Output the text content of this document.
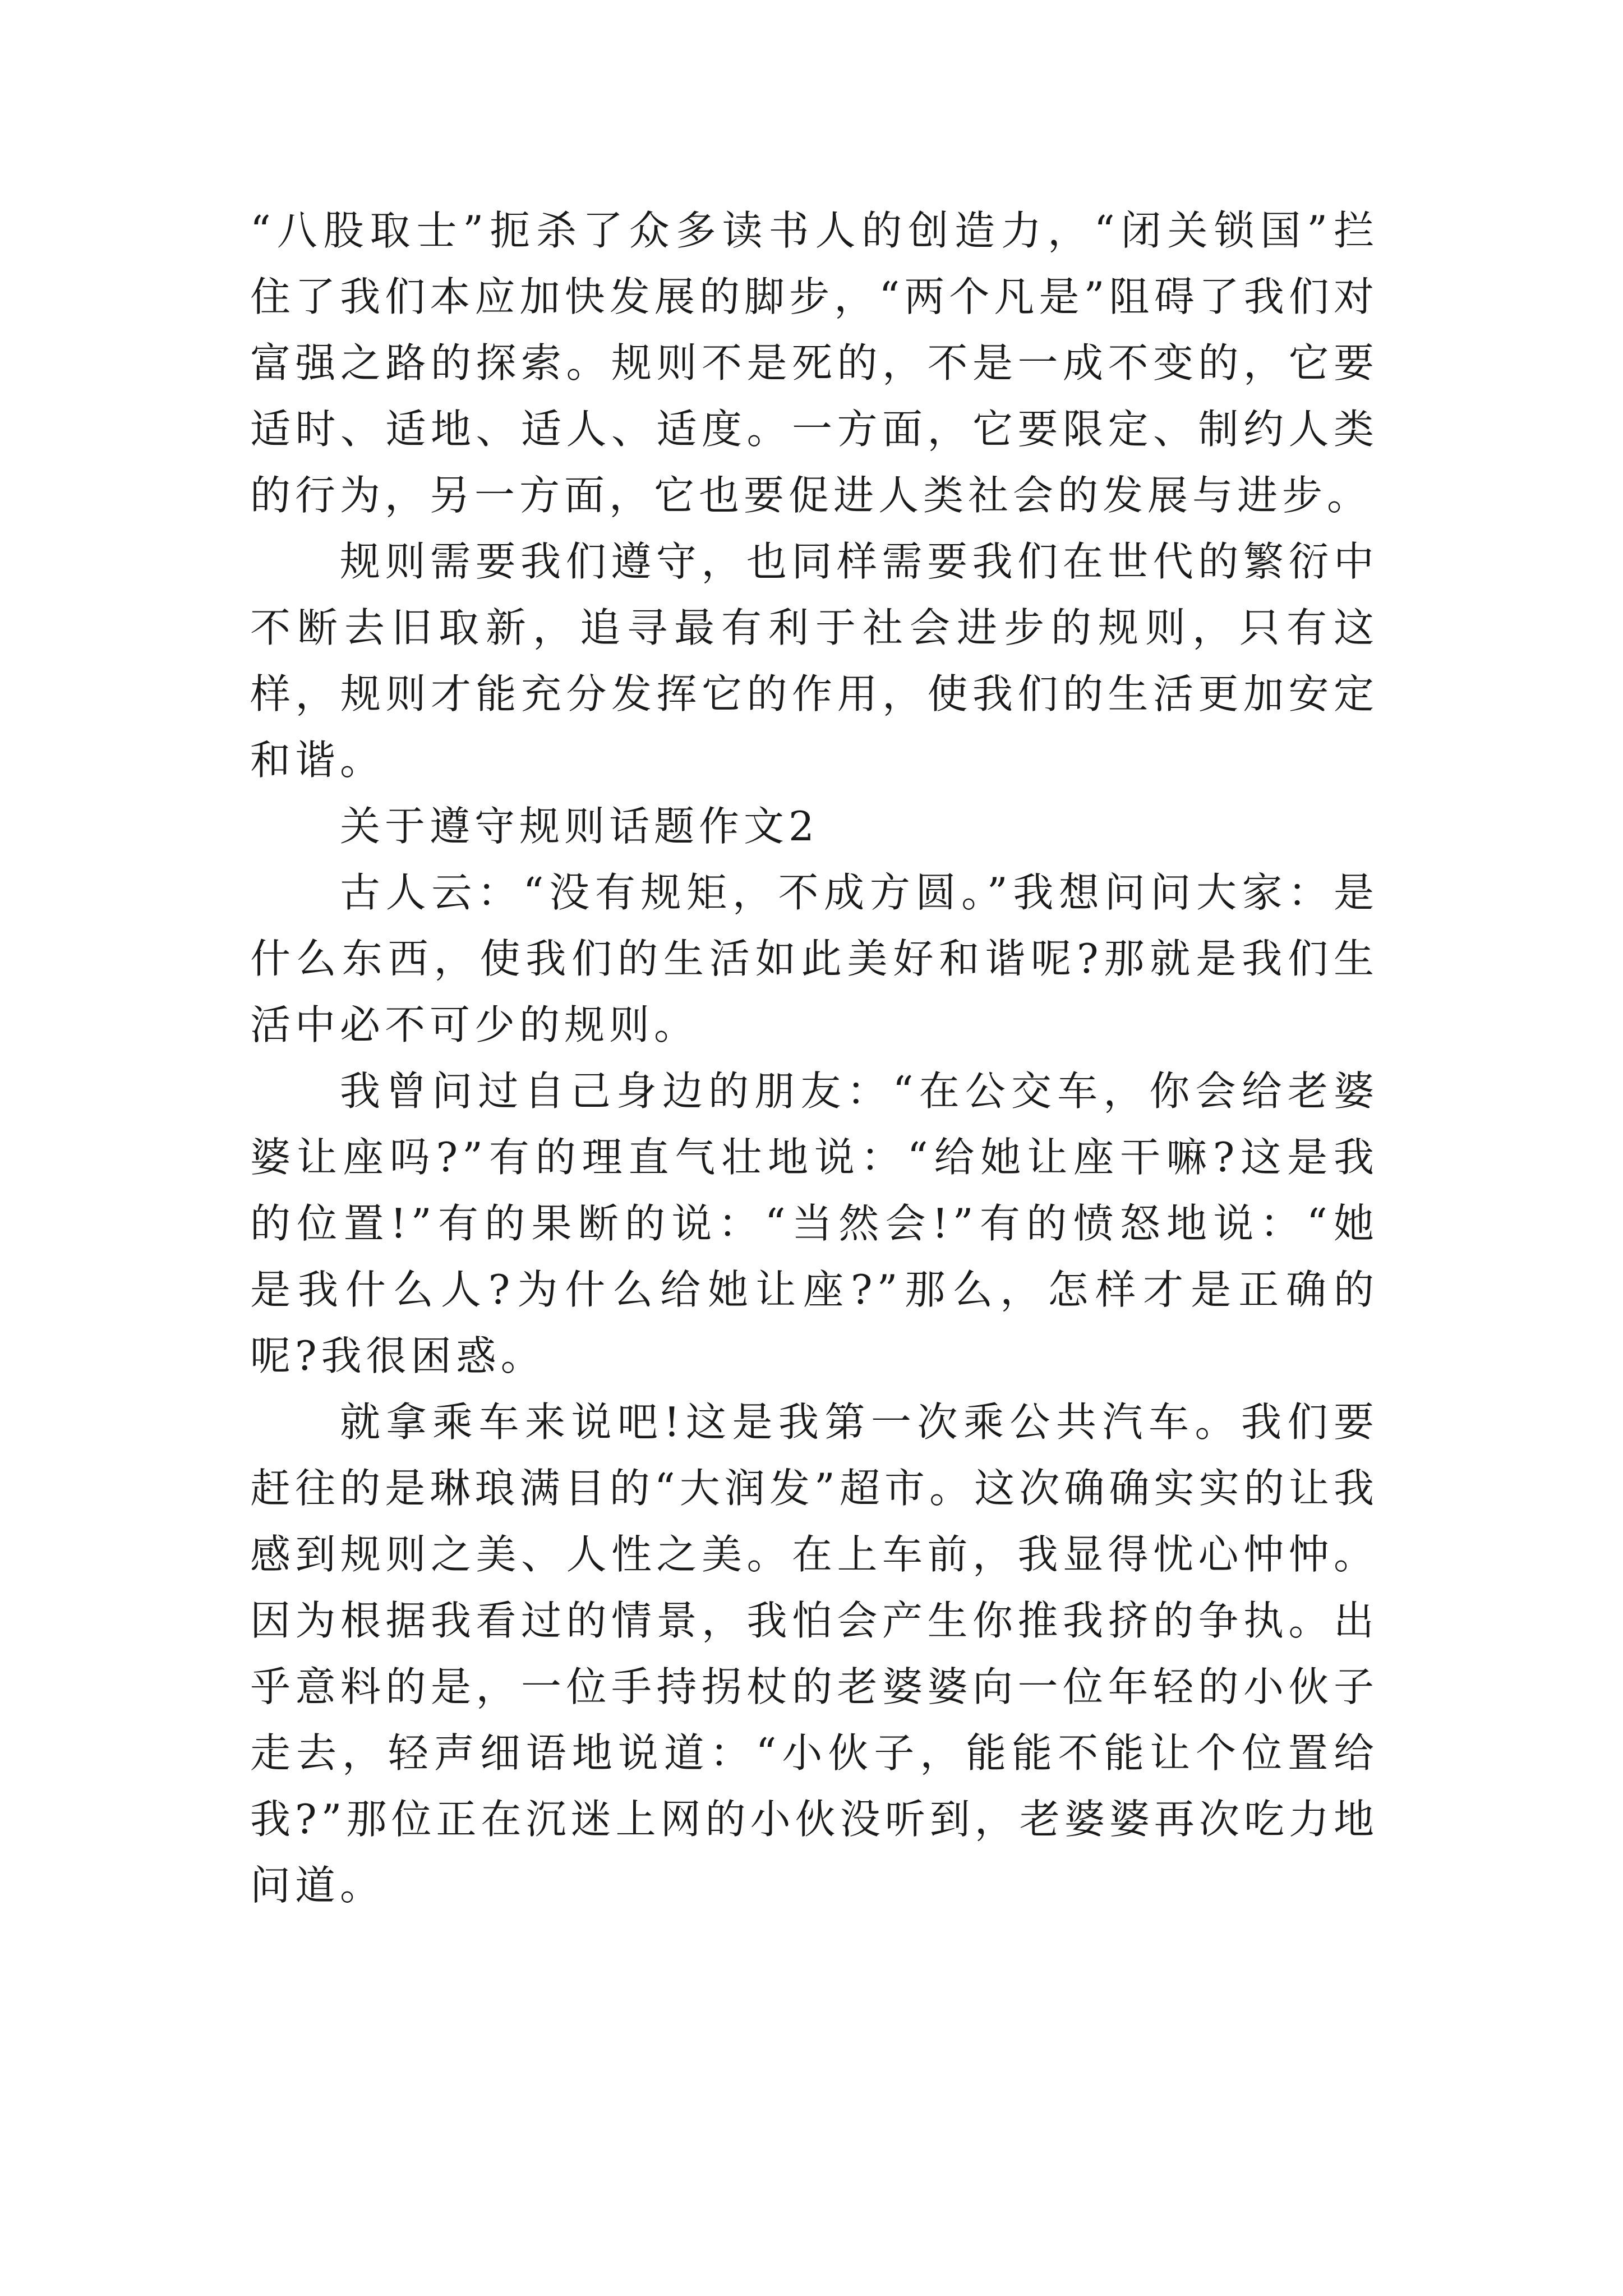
“八股取士”扼杀了众多读书人的创造力，“闭关锁国”拦住了我们本应加快发展的脚步，“两个凡是”阻碍了我们对富强之路的探索。规则不是死的，不是一成不变的，它要适时、适地、适人、适度。一方面，它要限定、制约人类的行为，另一方面，它也要促进人类社会的发展与进步。

规则需要我们遵守，也同样需要我们在世代的繁衍中不断去旧取新，追寻最有利于社会进步的规则，只有这样，规则才能充分发挥它的作用，使我们的生活更加安定和谐。

关于遵守规则话题作文2

古人云：“没有规矩，不成方圆。”我想问问大家：是什么东西，使我们的生活如此美好和谐呢?那就是我们生活中必不可少的规则。

我曾问过自己身边的朋友：“在公交车，你会给老婆婆让座吗?”有的理直气壮地说：“给她让座干嘛?这是我的位置!”有的果断的说：“当然会!”有的愤怒地说：“她是我什么人?为什么给她让座?”那么，怎样才是正确的呢?我很困惑。

就拿乘车来说吧!这是我第一次乘公共汽车。我们要赶往的是琳琅满目的“大润发”超市。这次确确实实的让我感到规则之美、人性之美。在上车前，我显得忧心忡忡。因为根据我看过的情景，我怕会产生你推我挤的争执。出乎意料的是，一位手持拐杖的老婆婆向一位年轻的小伙子走去，轻声细语地说道：“小伙子，能能不能让个位置给我?”那位正在沉迷上网的小伙没听到，老婆婆再次吃力地问道。
